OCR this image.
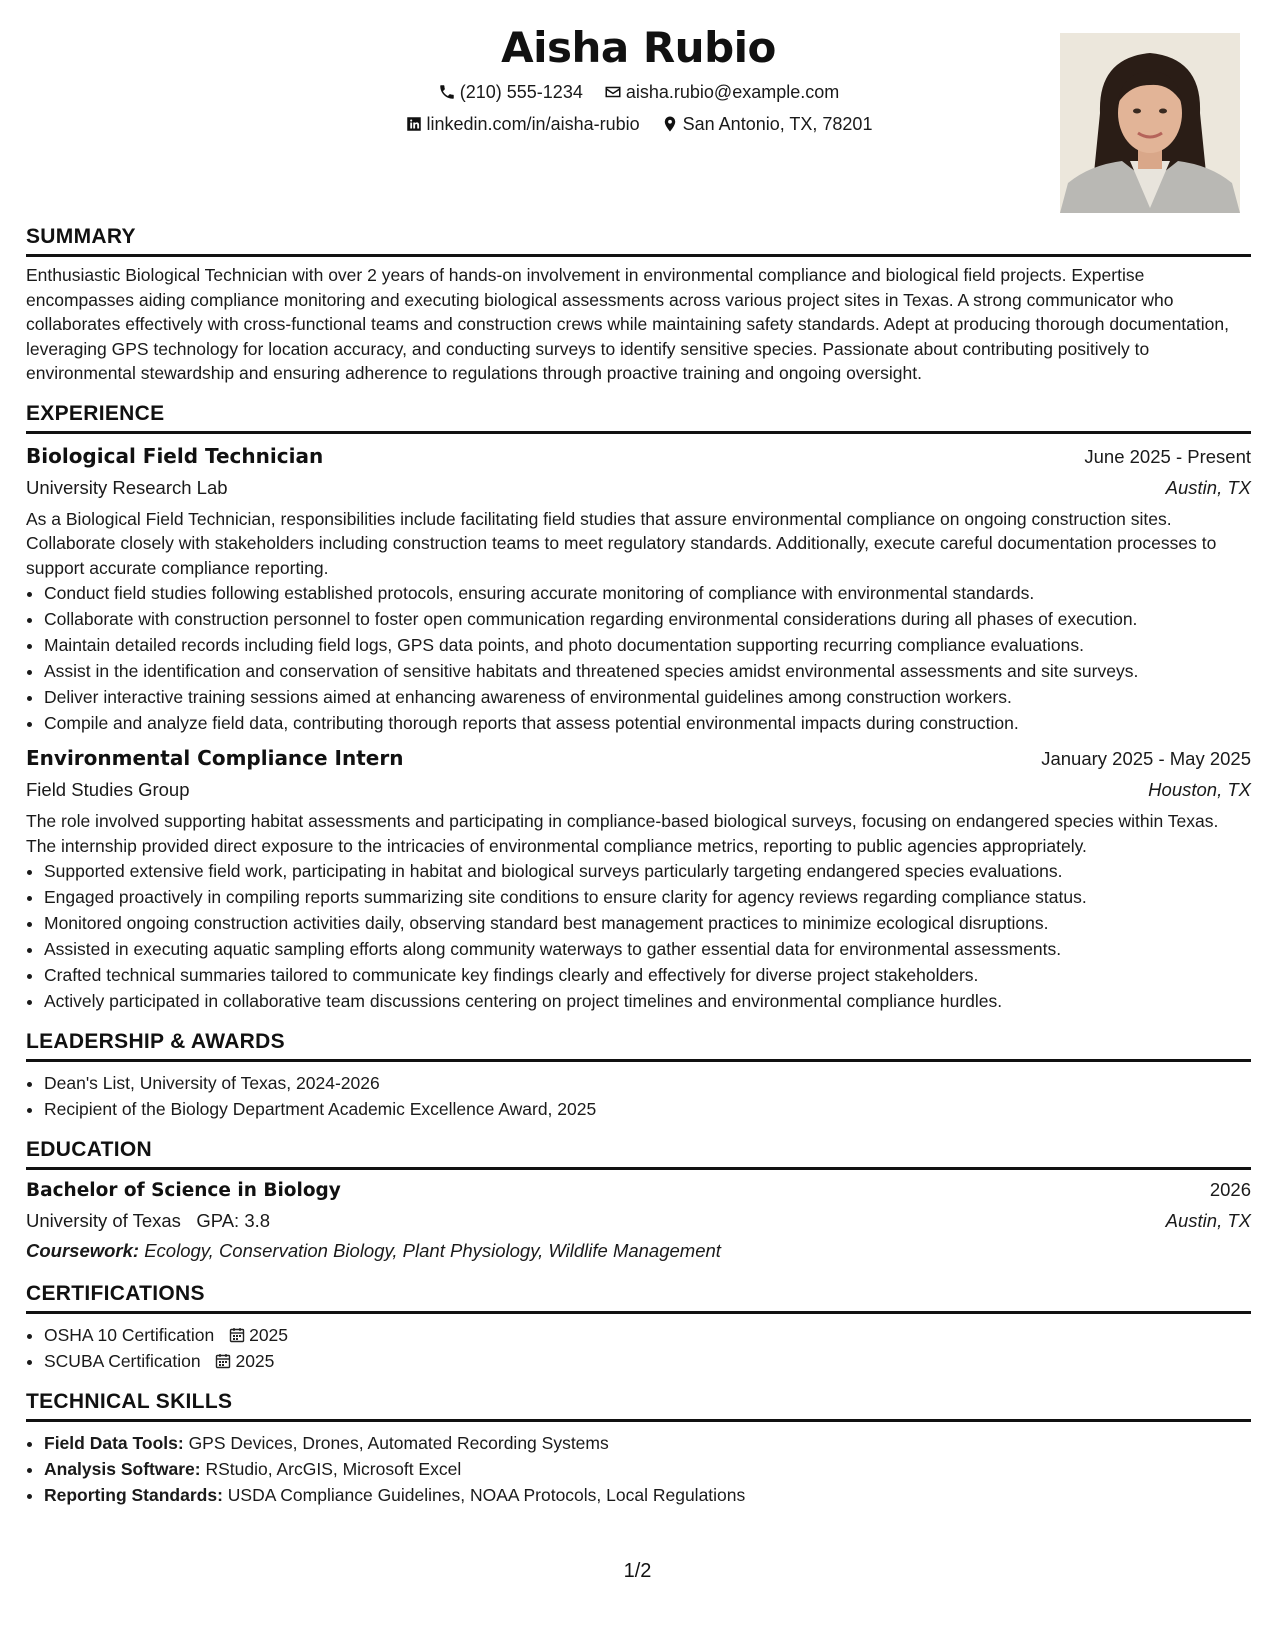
Aisha Rubio
(210) 555-1234
aisha.rubio@example.com
linkedin.com/in/aisha-rubio
San Antonio, TX, 78201
SUMMARY
Enthusiastic Biological Technician with over 2 years of hands-on involvement in environmental compliance and biological field projects. Expertise encompasses aiding compliance monitoring and executing biological assessments across various project sites in Texas. A strong communicator who collaborates effectively with cross-functional teams and construction crews while maintaining safety standards. Adept at producing thorough documentation, leveraging GPS technology for location accuracy, and conducting surveys to identify sensitive species. Passionate about contributing positively to environmental stewardship and ensuring adherence to regulations through proactive training and ongoing oversight.
EXPERIENCE
Biological Field Technician	June 2025 - Present
University Research Lab	Austin, TX
As a Biological Field Technician, responsibilities include facilitating field studies that assure environmental compliance on ongoing construction sites. Collaborate closely with stakeholders including construction teams to meet regulatory standards. Additionally, execute careful documentation processes to support accurate compliance reporting.
• Conduct field studies following established protocols, ensuring accurate monitoring of compliance with environmental standards.
• Collaborate with construction personnel to foster open communication regarding environmental considerations during all phases of execution.
• Maintain detailed records including field logs, GPS data points, and photo documentation supporting recurring compliance evaluations.
• Assist in the identification and conservation of sensitive habitats and threatened species amidst environmental assessments and site surveys.
• Deliver interactive training sessions aimed at enhancing awareness of environmental guidelines among construction workers.
• Compile and analyze field data, contributing thorough reports that assess potential environmental impacts during construction.
Environmental Compliance Intern	January 2025 - May 2025
Field Studies Group	Houston, TX
The role involved supporting habitat assessments and participating in compliance-based biological surveys, focusing on endangered species within Texas. The internship provided direct exposure to the intricacies of environmental compliance metrics, reporting to public agencies appropriately.
• Supported extensive field work, participating in habitat and biological surveys particularly targeting endangered species evaluations.
• Engaged proactively in compiling reports summarizing site conditions to ensure clarity for agency reviews regarding compliance status.
• Monitored ongoing construction activities daily, observing standard best management practices to minimize ecological disruptions.
• Assisted in executing aquatic sampling efforts along community waterways to gather essential data for environmental assessments.
• Crafted technical summaries tailored to communicate key findings clearly and effectively for diverse project stakeholders.
• Actively participated in collaborative team discussions centering on project timelines and environmental compliance hurdles.
LEADERSHIP & AWARDS
• Dean's List, University of Texas, 2024-2026
• Recipient of the Biology Department Academic Excellence Award, 2025
EDUCATION
Bachelor of Science in Biology	2026
University of Texas GPA: 3.8	Austin, TX
Coursework: Ecology, Conservation Biology, Plant Physiology, Wildlife Management
CERTIFICATIONS
• OSHA 10 Certification 2025
• SCUBA Certification 2025
TECHNICAL SKILLS
• Field Data Tools: GPS Devices, Drones, Automated Recording Systems
• Analysis Software: RStudio, ArcGIS, Microsoft Excel
• Reporting Standards: USDA Compliance Guidelines, NOAA Protocols, Local Regulations
1/2
